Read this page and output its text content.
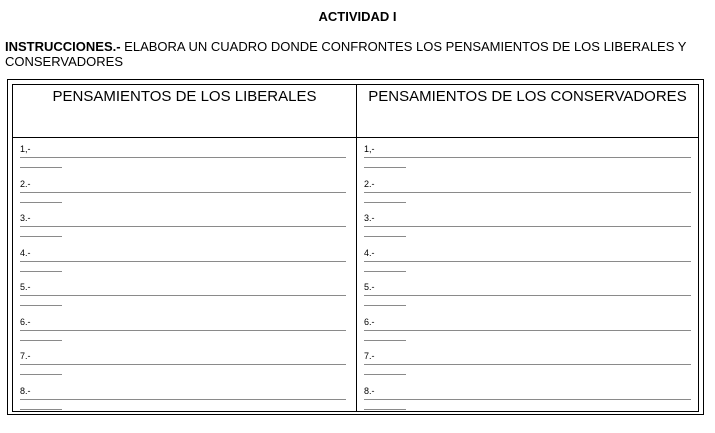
ACTIVIDAD I
INSTRUCCIONES.- ELABORA UN CUADRO DONDE CONFRONTES LOS PENSAMIENTOS DE LOS LIBERALES Y CONSERVADORES
PENSAMIENTOS DE LOS LIBERALES	PENSAMIENTOS DE LOS CONSERVADORES
1,-
2.-
3.-
4.-
5.-
6.-
7.-
8.-
1,-
2.-
3.-
4.-
5.-
6.-
7.-
8.-
